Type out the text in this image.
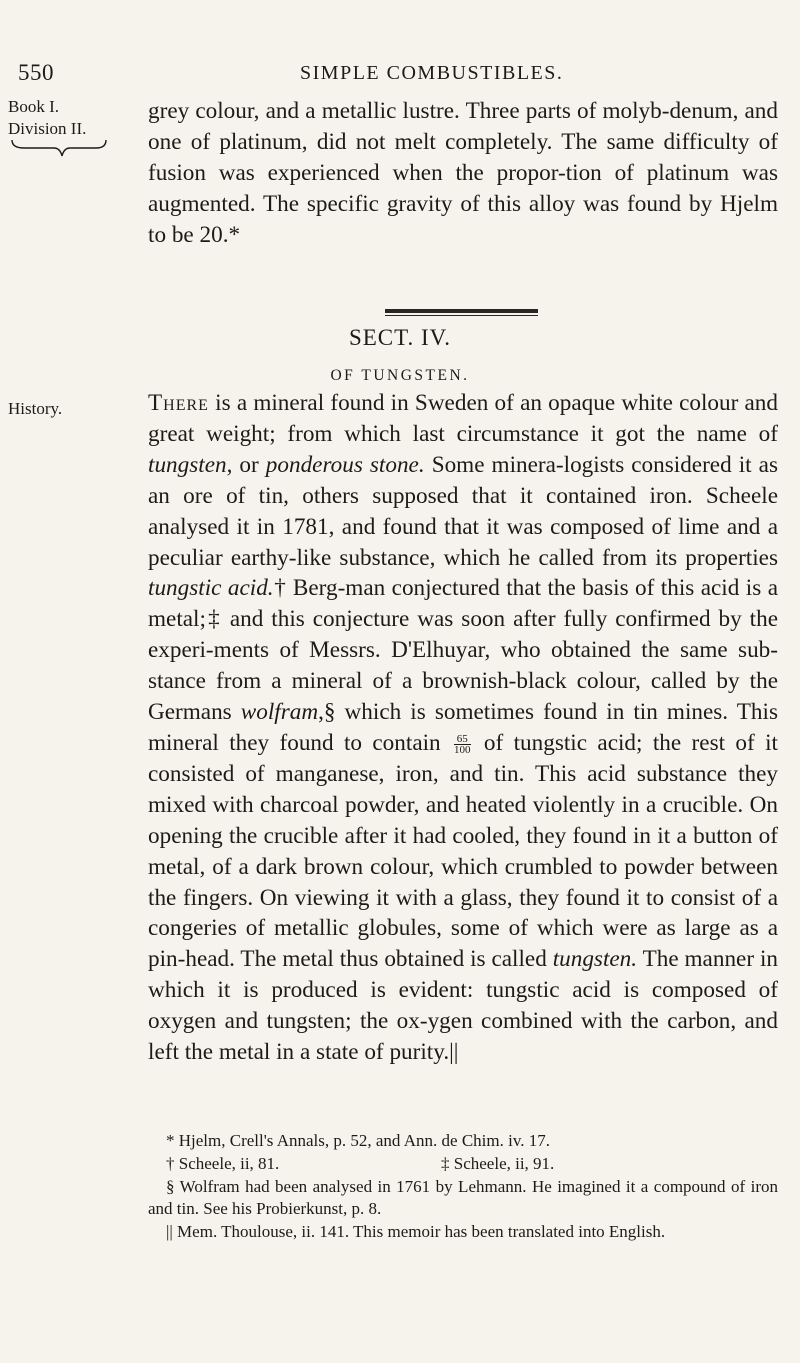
550	SIMPLE COMBUSTIBLES.
Book I.
Division II.
grey colour, and a metallic lustre. Three parts of molyb-denum, and one of platinum, did not melt completely. The same difficulty of fusion was experienced when the propor-tion of platinum was augmented. The specific gravity of this alloy was found by Hjelm to be 20.*
SECT. IV.
OF TUNGSTEN.
History.	There is a mineral found in Sweden of an opaque white colour and great weight; from which last circumstance it got the name of tungsten, or ponderous stone. Some minera-logists considered it as an ore of tin, others supposed that it contained iron. Scheele analysed it in 1781, and found that it was composed of lime and a peculiar earthy-like substance, which he called from its properties tungstic acid.† Berg-man conjectured that the basis of this acid is a metal;‡ and this conjecture was soon after fully confirmed by the experi-ments of Messrs. D'Elhuyar, who obtained the same sub-stance from a mineral of a brownish-black colour, called by the Germans wolfram,§ which is sometimes found in tin mines. This mineral they found to contain $\frac{65}{100}$ of tungstic acid; the rest of it consisted of manganese, iron, and tin. This acid substance they mixed with charcoal powder, and heated violently in a crucible. On opening the crucible after it had cooled, they found in it a button of metal, of a dark brown colour, which crumbled to powder between the fingers. On viewing it with a glass, they found it to consist of a congeries of metallic globules, some of which were as large as a pin-head. The metal thus obtained is called tungsten. The manner in which it is produced is evident: tungstic acid is composed of oxygen and tungsten; the ox-ygen combined with the carbon, and left the metal in a state of purity.||

* Hjelm, Crell's Annals, p. 52, and Ann. de Chim. iv. 17.

† Scheele, ii, 81.	‡ Scheele, ii, 91.

§ Wolfram had been analysed in 1761 by Lehmann. He imagined it a compound of iron and tin. See his Probierkunst, p. 8.

|| Mem. Thoulouse, ii. 141. This memoir has been translated into English.
